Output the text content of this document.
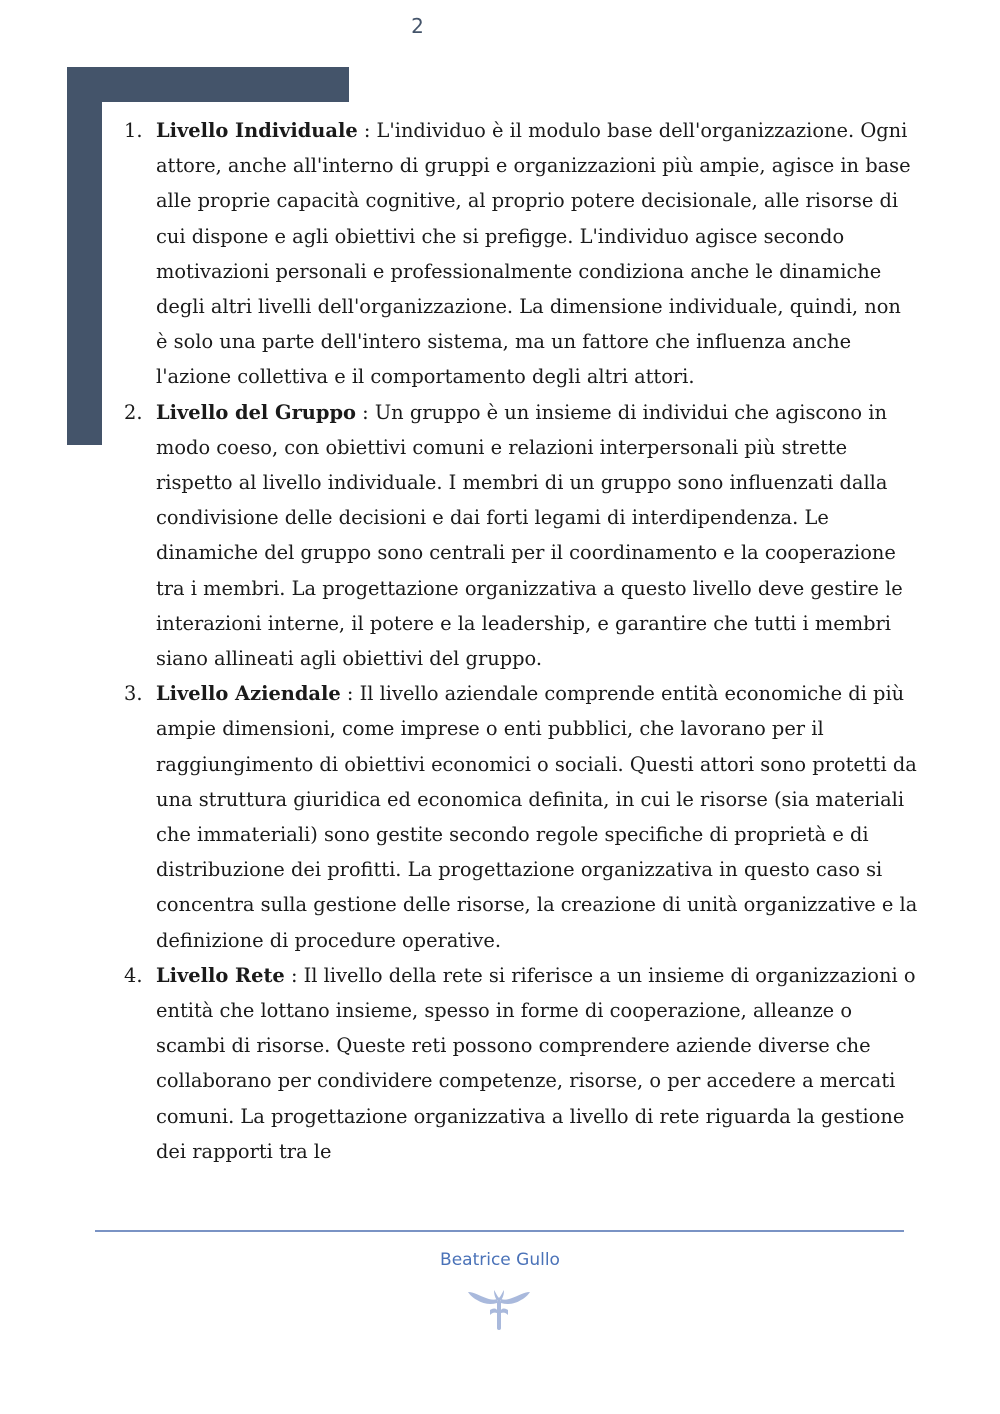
2
1. Livello Individuale : L'individuo è il modulo base dell'organizzazione. Ogni attore, anche all'interno di gruppi e organizzazioni più ampie, agisce in base alle proprie capacità cognitive, al proprio potere decisionale, alle risorse di cui dispone e agli obiettivi che si prefigge. L'individuo agisce secondo motivazioni personali e professionalmente condiziona anche le dinamiche degli altri livelli dell'organizzazione. La dimensione individuale, quindi, non è solo una parte dell'intero sistema, ma un fattore che influenza anche l'azione collettiva e il comportamento degli altri attori.
2. Livello del Gruppo : Un gruppo è un insieme di individui che agiscono in modo coeso, con obiettivi comuni e relazioni interpersonali più strette rispetto al livello individuale. I membri di un gruppo sono influenzati dalla condivisione delle decisioni e dai forti legami di interdipendenza. Le dinamiche del gruppo sono centrali per il coordinamento e la cooperazione tra i membri. La progettazione organizzativa a questo livello deve gestire le interazioni interne, il potere e la leadership, e garantire che tutti i membri siano allineati agli obiettivi del gruppo.
3. Livello Aziendale : Il livello aziendale comprende entità economiche di più ampie dimensioni, come imprese o enti pubblici, che lavorano per il raggiungimento di obiettivi economici o sociali. Questi attori sono protetti da una struttura giuridica ed economica definita, in cui le risorse (sia materiali che immateriali) sono gestite secondo regole specifiche di proprietà e di distribuzione dei profitti. La progettazione organizzativa in questo caso si concentra sulla gestione delle risorse, la creazione di unità organizzative e la definizione di procedure operative.
4. Livello Rete : Il livello della rete si riferisce a un insieme di organizzazioni o entità che lottano insieme, spesso in forme di cooperazione, alleanze o scambi di risorse. Queste reti possono comprendere aziende diverse che collaborano per condividere competenze, risorse, o per accedere a mercati comuni. La progettazione organizzativa a livello di rete riguarda la gestione dei rapporti tra le
Beatrice Gullo
